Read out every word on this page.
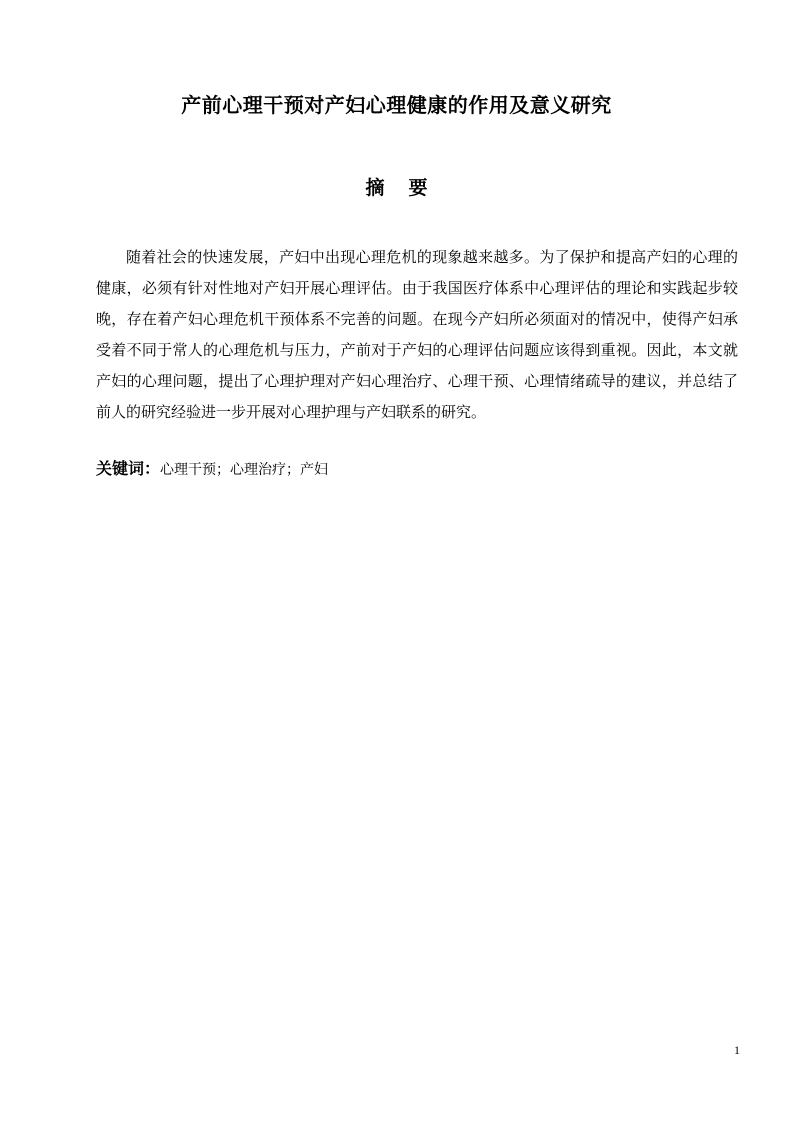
产前心理干预对产妇心理健康的作用及意义研究
摘要

随着社会的快速发展，产妇中出现心理危机的现象越来越多。为了保护和提高产妇的心理的健康，必须有针对性地对产妇开展心理评估。由于我国医疗体系中心理评估的理论和实践起步较晚，存在着产妇心理危机干预体系不完善的问题。在现今产妇所必须面对的情况中，使得产妇承受着不同于常人的心理危机与压力，产前对于产妇的心理评估问题应该得到重视。因此，本文就产妇的心理问题，提出了心理护理对产妇心理治疗、心理干预、心理情绪疏导的建议，并总结了前人的研究经验进一步开展对心理护理与产妇联系的研究。

关键词：心理干预；心理治疗；产妇
1
